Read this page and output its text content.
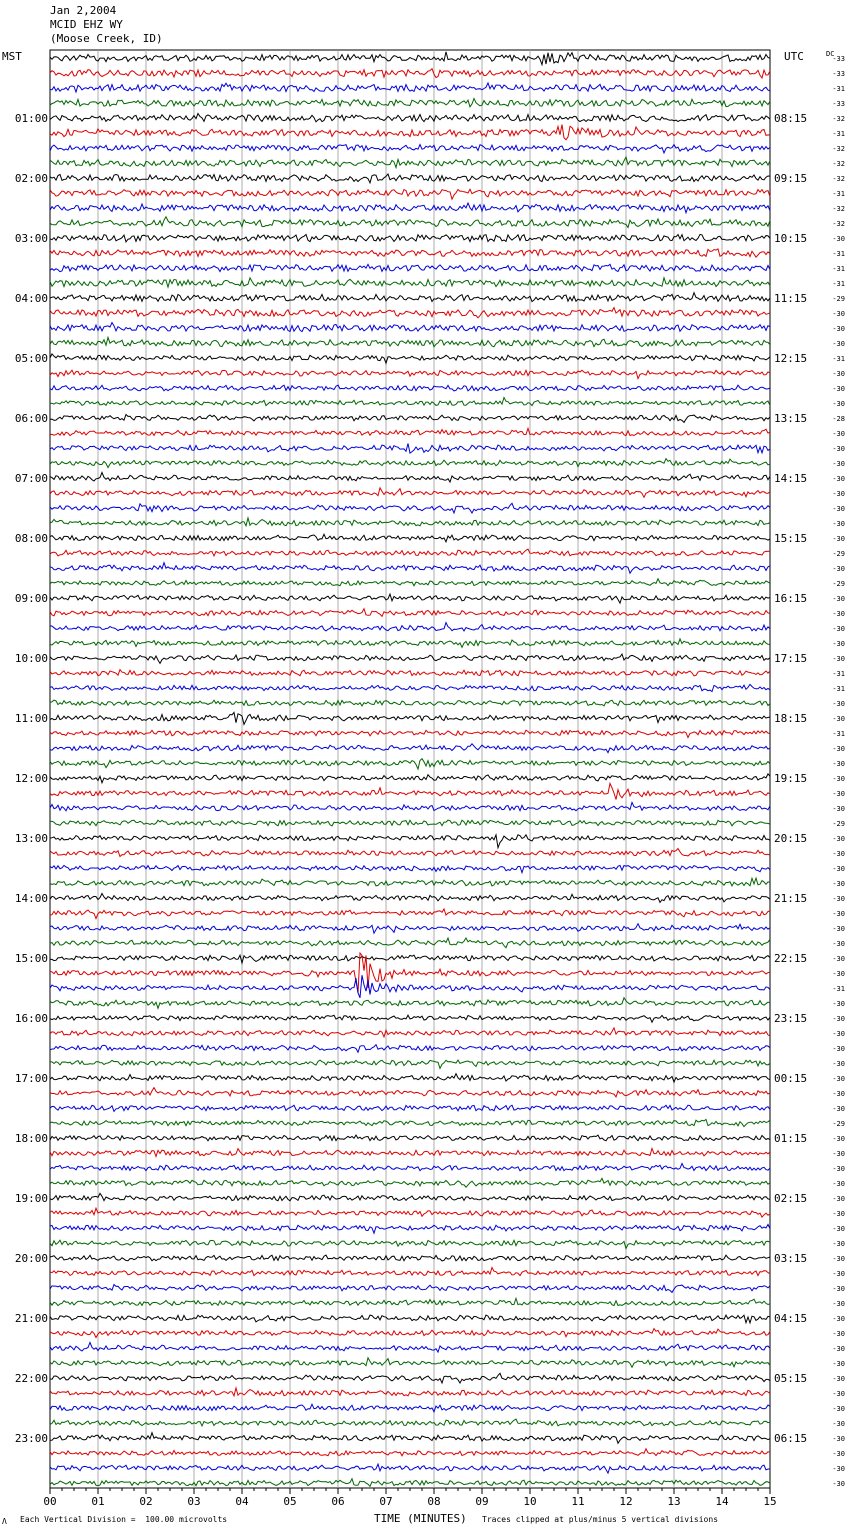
Jan 2,2004
MCID EHZ WY
(Moose Creek, ID)
MST	UTC	DC
00	01	02	03	04	05	06	07	08	09	10	11	12	13	14	15
-33
-33
-31
-33
-32
01:00	08:15
-31
-32
-32
-32
02:00	09:15
-31
-32
-32
-30
03:00	10:15
-31
-31
-31
-29
04:00	11:15
-30
-30
-30
-31
05:00	12:15
-30
-30
-30
-28
06:00	13:15
-30
-30
-30
-30
07:00	14:15
-30
-30
-30
-30
08:00	15:15
-29
-30
-29
-30
09:00	16:15
-30
-30
-30
-30
10:00	17:15
-31
-31
-30
-30
11:00	18:15
-31
-30
-30
-30
12:00	19:15
-30
-30
-29
-30
13:00	20:15
-30
-30
-30
-30
14:00	21:15
-30
-30
-30
-30
15:00	22:15
-30
-31
-30
-30
16:00	23:15
-30
-30
-30
-30
17:00	00:15
-30
-30
-29
-30
18:00	01:15
-30
-30
-30
-30
19:00	02:15
-30
-30
-30
-30
20:00	03:15
-30
-30
-30
-30
21:00	04:15
-30
-30
-30
-30
22:00	05:15
-30
-30
-30
-30
23:00	06:15
-30
-30
-30
Λ Each Vertical Division =  100.00 microvolts	TIME (MINUTES) Traces clipped at plus/minus 5 vertical divisions
